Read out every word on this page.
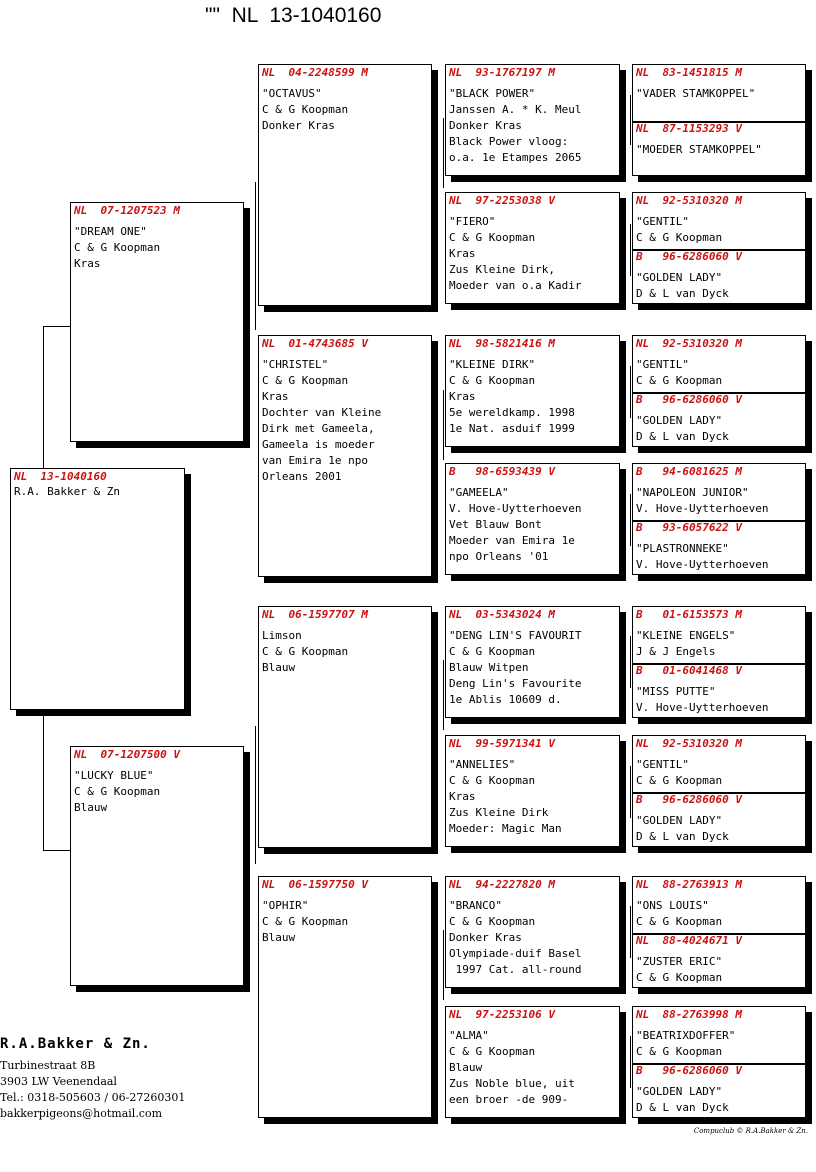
""  NL  13-1040160
NL  13-1040160
R.A. Bakker & Zn
NL  07-1207523 M
"DREAM ONE"
C & G Koopman
Kras
NL  07-1207500 V
"LUCKY BLUE"
C & G Koopman
Blauw
NL  04-2248599 M
"OCTAVUS"
C & G Koopman
Donker Kras
NL  01-4743685 V
"CHRISTEL"
C & G Koopman
Kras
Dochter van Kleine
Dirk met Gameela,
Gameela is moeder
van Emira 1e npo
Orleans 2001
NL  06-1597707 M
Limson
C & G Koopman
Blauw
NL  06-1597750 V
"OPHIR"
C & G Koopman
Blauw
NL  93-1767197 M
"BLACK POWER"
Janssen A. * K. Meul
Donker Kras
Black Power vloog:
o.a. 1e Etampes 2065
NL  97-2253038 V
"FIERO"
C & G Koopman
Kras
Zus Kleine Dirk,
Moeder van o.a Kadir
NL  98-5821416 M
"KLEINE DIRK"
C & G Koopman
Kras
5e wereldkamp. 1998
1e Nat. asduif 1999
B   98-6593439 V
"GAMEELA"
V. Hove-Uytterhoeven
Vet Blauw Bont
Moeder van Emira 1e
npo Orleans '01
NL  03-5343024 M
"DENG LIN'S FAVOURIT
C & G Koopman
Blauw Witpen
Deng Lin's Favourite
1e Ablis 10609 d.
NL  99-5971341 V
"ANNELIES"
C & G Koopman
Kras
Zus Kleine Dirk
Moeder: Magic Man
NL  94-2227820 M
"BRANCO"
C & G Koopman
Donker Kras
Olympiade-duif Basel
1997 Cat. all-round
NL  97-2253106 V
"ALMA"
C & G Koopman
Blauw
Zus Noble blue, uit
een broer -de 909-
NL  83-1451815 M
"VADER STAMKOPPEL"
NL  87-1153293 V
"MOEDER STAMKOPPEL"
NL  92-5310320 M
"GENTIL"
C & G Koopman
B   96-6286060 V
"GOLDEN LADY"
D & L van Dyck
NL  92-5310320 M
"GENTIL"
C & G Koopman
B   96-6286060 V
"GOLDEN LADY"
D & L van Dyck
B   94-6081625 M
"NAPOLEON JUNIOR"
V. Hove-Uytterhoeven
B   93-6057622 V
"PLASTRONNEKE"
V. Hove-Uytterhoeven
B   01-6153573 M
"KLEINE ENGELS"
J & J Engels
B   01-6041468 V
"MISS PUTTE"
V. Hove-Uytterhoeven
NL  92-5310320 M
"GENTIL"
C & G Koopman
B   96-6286060 V
"GOLDEN LADY"
D & L van Dyck
NL  88-2763913 M
"ONS LOUIS"
C & G Koopman
NL  88-4024671 V
"ZUSTER ERIC"
C & G Koopman
NL  88-2763998 M
"BEATRIXDOFFER"
C & G Koopman
B   96-6286060 V
"GOLDEN LADY"
D & L van Dyck
R.A.Bakker & Zn.
Turbinestraat 8B
3903 LW Veenendaal
Tel.: 0318-505603 / 06-27260301
bakkerpigeons@hotmail.com
Compuclub © R.A.Bakker & Zn.
